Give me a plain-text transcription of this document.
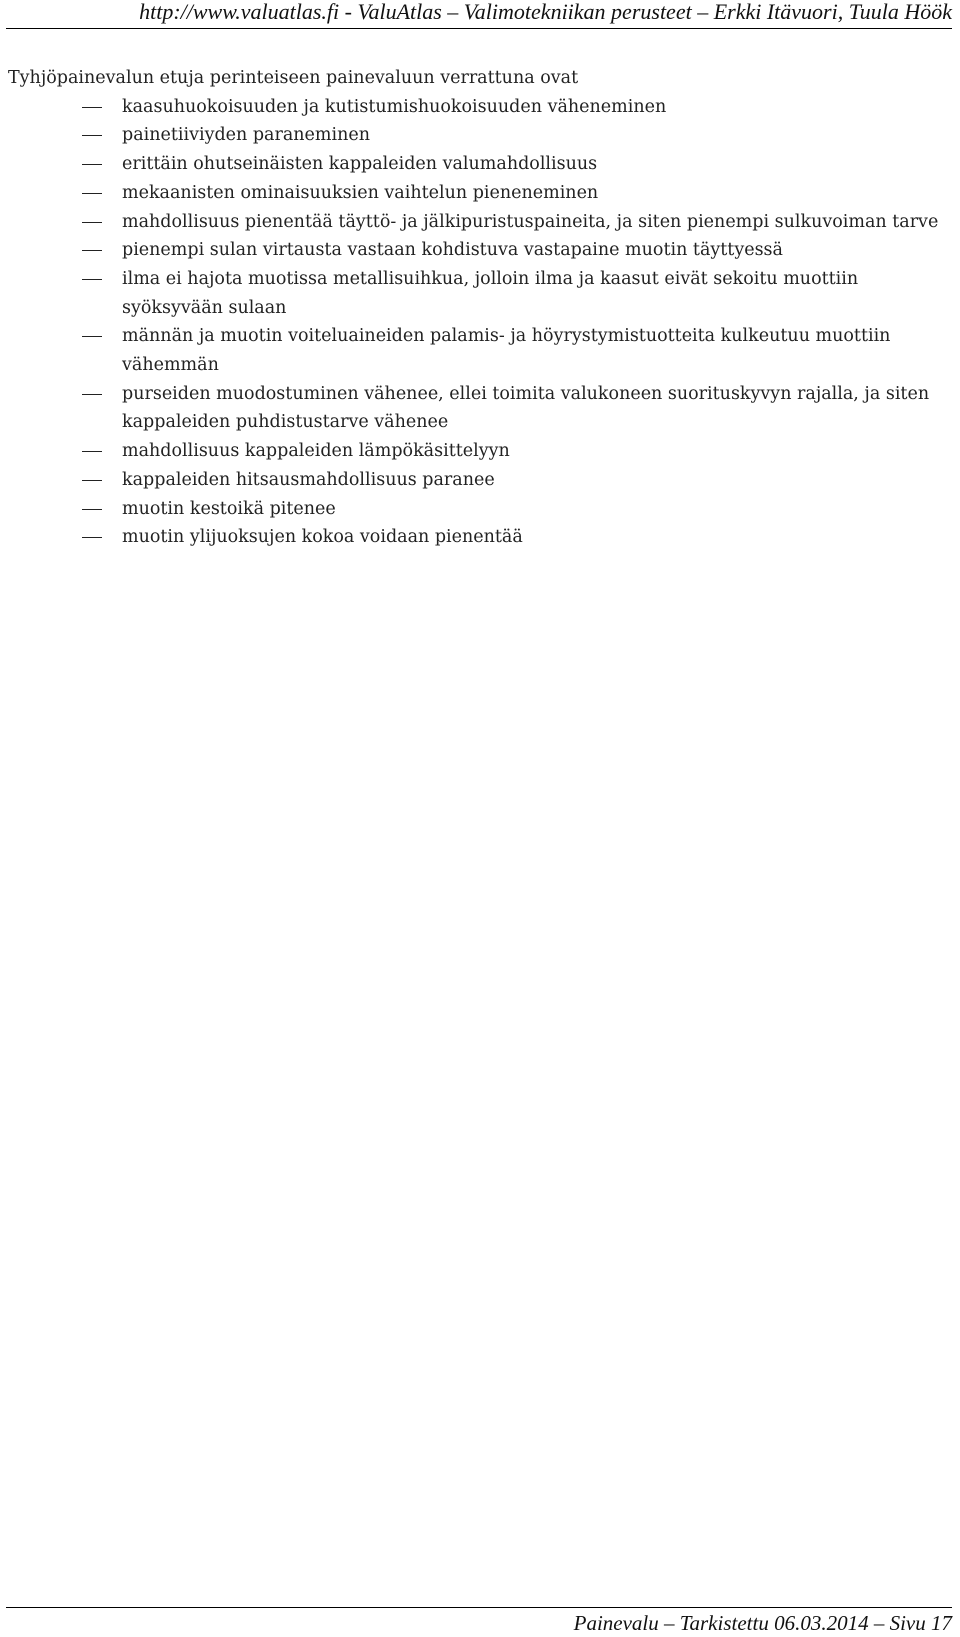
http://www.valuatlas.fi - ValuAtlas – Valimotekniikan perusteet – Erkki Itävuori, Tuula Höök

Tyhjöpainevalun etuja perinteiseen painevaluun verrattuna ovat

kaasuhuokoisuuden ja kutistumishuokoisuuden väheneminen
painetiiviyden paraneminen
erittäin ohutseinäisten kappaleiden valumahdollisuus
mekaanisten ominaisuuksien vaihtelun pieneneminen
mahdollisuus pienentää täyttö- ja jälkipuristuspaineita, ja siten pienempi sulkuvoiman tarve
pienempi sulan virtausta vastaan kohdistuva vastapaine muotin täyttyessä
ilma ei hajota muotissa metallisuihkua, jolloin ilma ja kaasut eivät sekoitu muottiin syöksyvään sulaan
männän ja muotin voiteluaineiden palamis- ja höyrystymistuotteita kulkeutuu muottiin vähemmän
purseiden muodostuminen vähenee, ellei toimita valukoneen suorituskyvyn rajalla, ja siten kappaleiden puhdistustarve vähenee
mahdollisuus kappaleiden lämpökäsittelyyn
kappaleiden hitsausmahdollisuus paranee
muotin kestoikä pitenee
muotin ylijuoksujen kokoa voidaan pienentää
Painevalu – Tarkistettu 06.03.2014 – Sivu 17
